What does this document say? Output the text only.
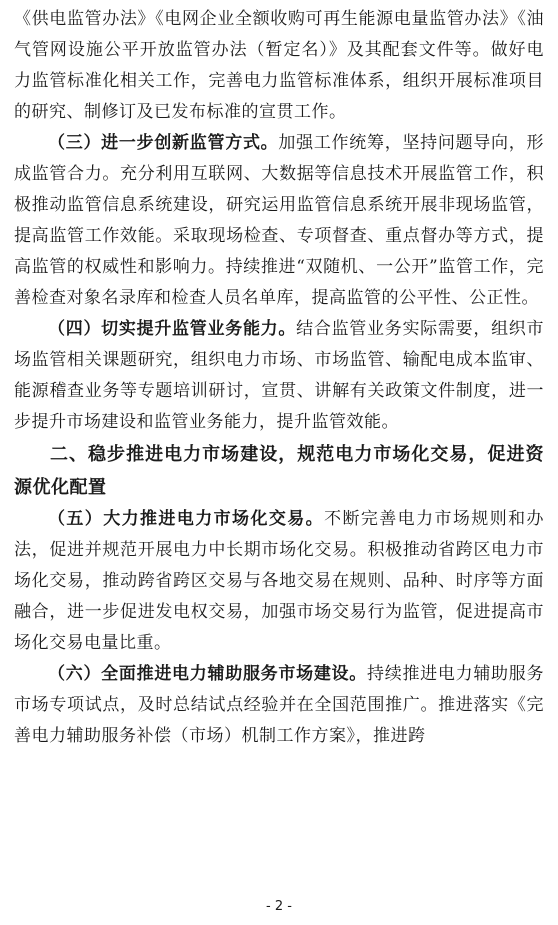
《供电监管办法》《电网企业全额收购可再生能源电量监管办法》《油气管网设施公平开放监管办法（暂定名）》及其配套文件等。做好电力监管标准化相关工作，完善电力监管标准体系，组织开展标准项目的研究、制修订及已发布标准的宣贯工作。

（三）进一步创新监管方式。加强工作统筹，坚持问题导向，形成监管合力。充分利用互联网、大数据等信息技术开展监管工作，积极推动监管信息系统建设，研究运用监管信息系统开展非现场监管，提高监管工作效能。采取现场检查、专项督查、重点督办等方式，提高监管的权威性和影响力。持续推进“双随机、一公开”监管工作，完善检查对象名录库和检查人员名单库，提高监管的公平性、公正性。

（四）切实提升监管业务能力。结合监管业务实际需要，组织市场监管相关课题研究，组织电力市场、市场监管、输配电成本监审、能源稽查业务等专题培训研讨，宣贯、讲解有关政策文件制度，进一步提升市场建设和监管业务能力，提升监管效能。

二、稳步推进电力市场建设，规范电力市场化交易，促进资源优化配置

（五）大力推进电力市场化交易。不断完善电力市场规则和办法，促进并规范开展电力中长期市场化交易。积极推动省跨区电力市场化交易，推动跨省跨区交易与各地交易在规则、品种、时序等方面融合，进一步促进发电权交易，加强市场交易行为监管，促进提高市场化交易电量比重。

（六）全面推进电力辅助服务市场建设。持续推进电力辅助服务市场专项试点，及时总结试点经验并在全国范围推广。推进落实《完善电力辅助服务补偿（市场）机制工作方案》，推进跨

- 2 -
